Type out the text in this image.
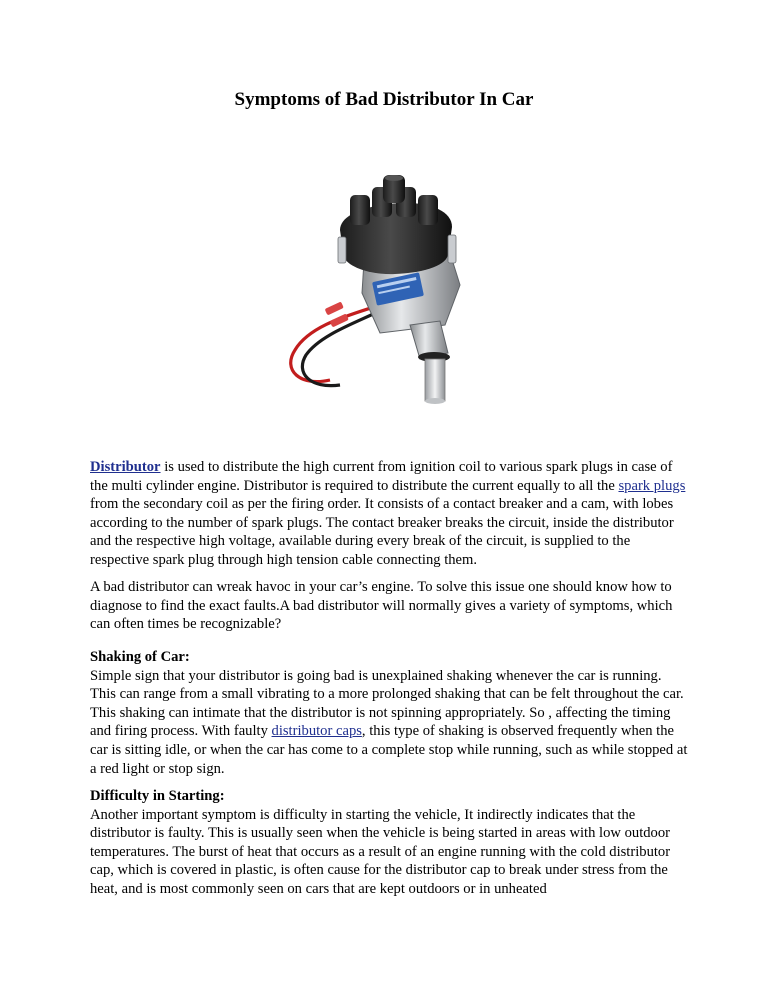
Symptoms of Bad Distributor In Car

Distributor is used to distribute the high current from ignition coil to various spark plugs in case of the multi cylinder engine. Distributor is required to distribute the current equally to all the spark plugs from the secondary coil as per the firing order. It consists of a contact breaker and a cam, with lobes according to the number of spark plugs. The contact breaker breaks the circuit, inside the distributor and the respective high voltage, available during every break of the circuit, is supplied to the respective spark plug through high tension cable connecting them.

A bad distributor can wreak havoc in your car’s engine. To solve this issue one should know how to diagnose to find the exact faults.A bad distributor will normally gives a variety of symptoms, which can often times be recognizable?

Shaking of Car:

Simple sign that your distributor is going bad is unexplained shaking whenever the car is running. This can range from a small vibrating to a more prolonged shaking that can be felt throughout the car. This shaking can intimate that the distributor is not spinning appropriately. So , affecting the timing and firing process. With faulty distributor caps, this type of shaking is observed frequently when the car is sitting idle, or when the car has come to a complete stop while running, such as while stopped at a red light or stop sign.

Difficulty in Starting:

Another important symptom is difficulty in starting the vehicle, It indirectly indicates that the distributor is faulty. This is usually seen when the vehicle is being started in areas with low outdoor temperatures. The burst of heat that occurs as a result of an engine running with the cold distributor cap, which is covered in plastic, is often cause for the distributor cap to break under stress from the heat, and is most commonly seen on cars that are kept outdoors or in unheated
